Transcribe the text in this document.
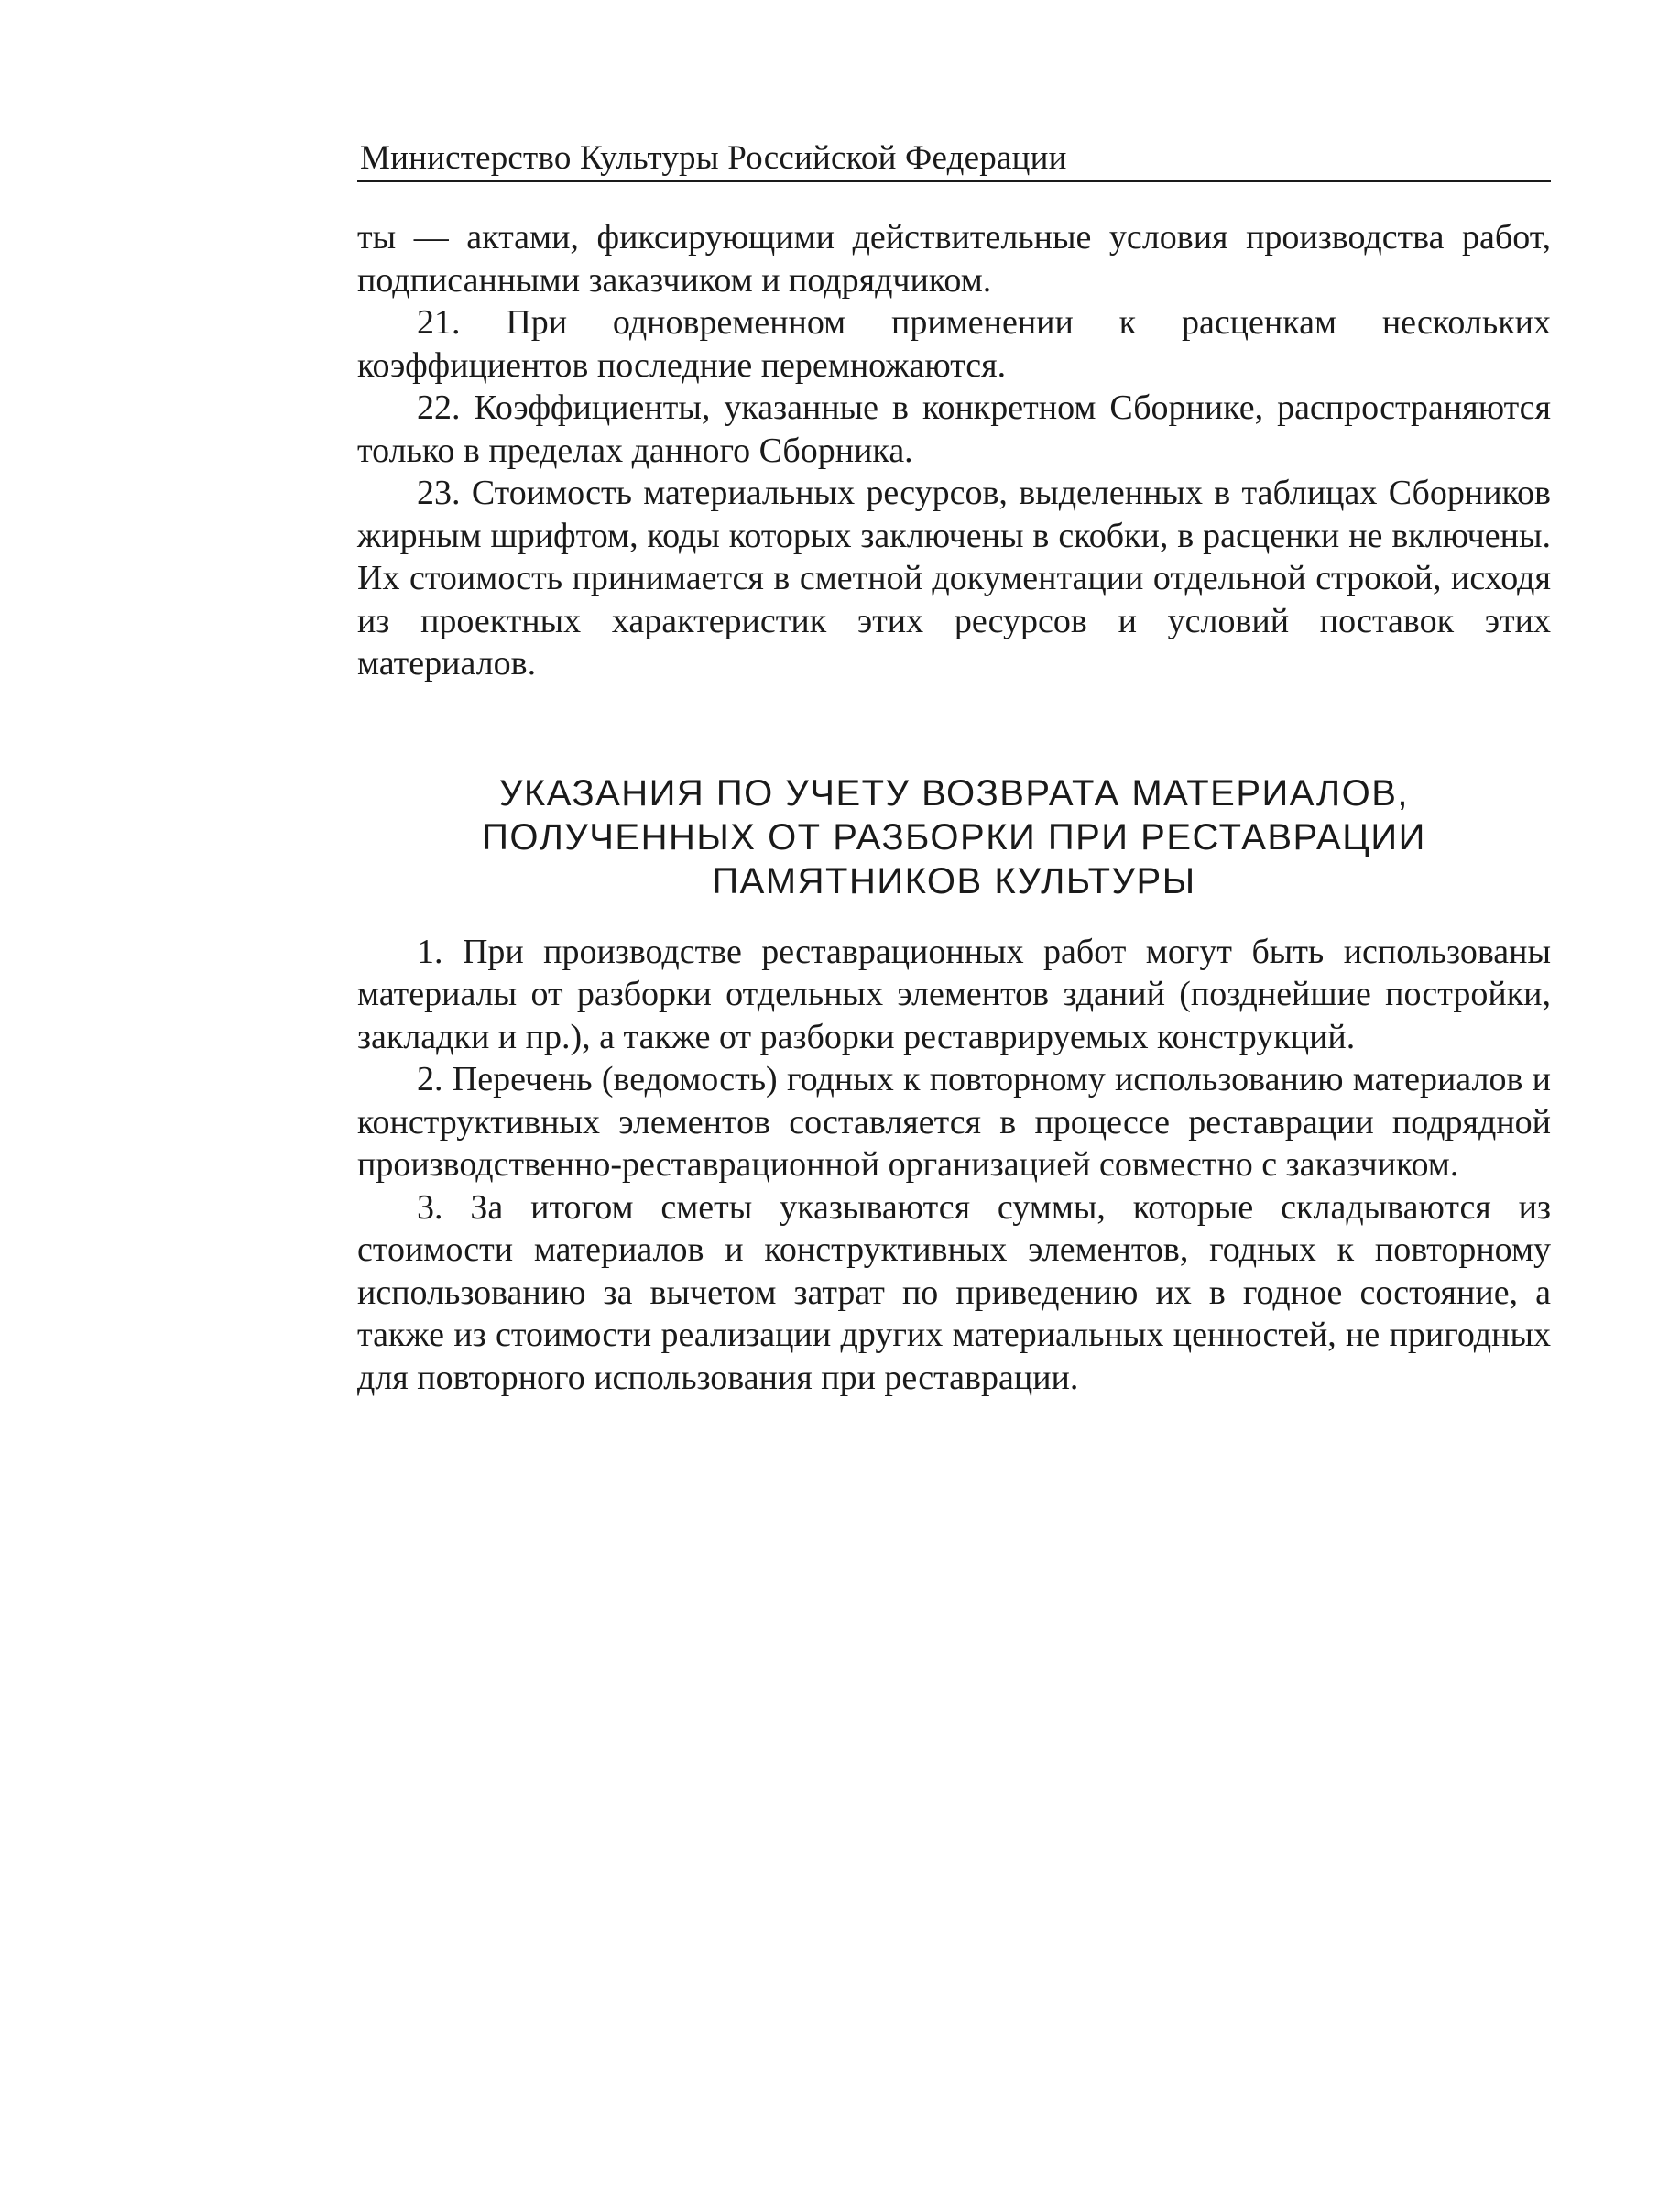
Министерство Культуры Российской Федерации

ты — актами, фиксирующими действительные условия производства работ, подписанными заказчиком и подрядчиком.

21. При одновременном применении к расценкам нескольких коэффициентов последние перемножаются.

22. Коэффициенты, указанные в конкретном Сборнике, распространяются только в пределах данного Сборника.

23. Стоимость материальных ресурсов, выделенных в таблицах Сборников жирным шрифтом, коды которых заключены в скобки, в расценки не включены. Их стоимость принимается в сметной документации отдельной строкой, исходя из проектных характеристик этих ресурсов и условий поставок этих материалов.

УКАЗАНИЯ ПО УЧЕТУ ВОЗВРАТА МАТЕРИАЛОВ,
ПОЛУЧЕННЫХ ОТ РАЗБОРКИ ПРИ РЕСТАВРАЦИИ
ПАМЯТНИКОВ КУЛЬТУРЫ

1. При производстве реставрационных работ могут быть использованы материалы от разборки отдельных элементов зданий (позднейшие постройки, закладки и пр.), а также от разборки реставрируемых конструкций.

2. Перечень (ведомость) годных к повторному использованию материалов и конструктивных элементов составляется в процессе реставрации подрядной производственно-реставрационной организацией совместно с заказчиком.

3. За итогом сметы указываются суммы, которые складываются из стоимости материалов и конструктивных элементов, годных к повторному использованию за вычетом затрат по приведению их в годное состояние, а также из стоимости реализации других материальных ценностей, не пригодных для повторного использования при реставрации.
